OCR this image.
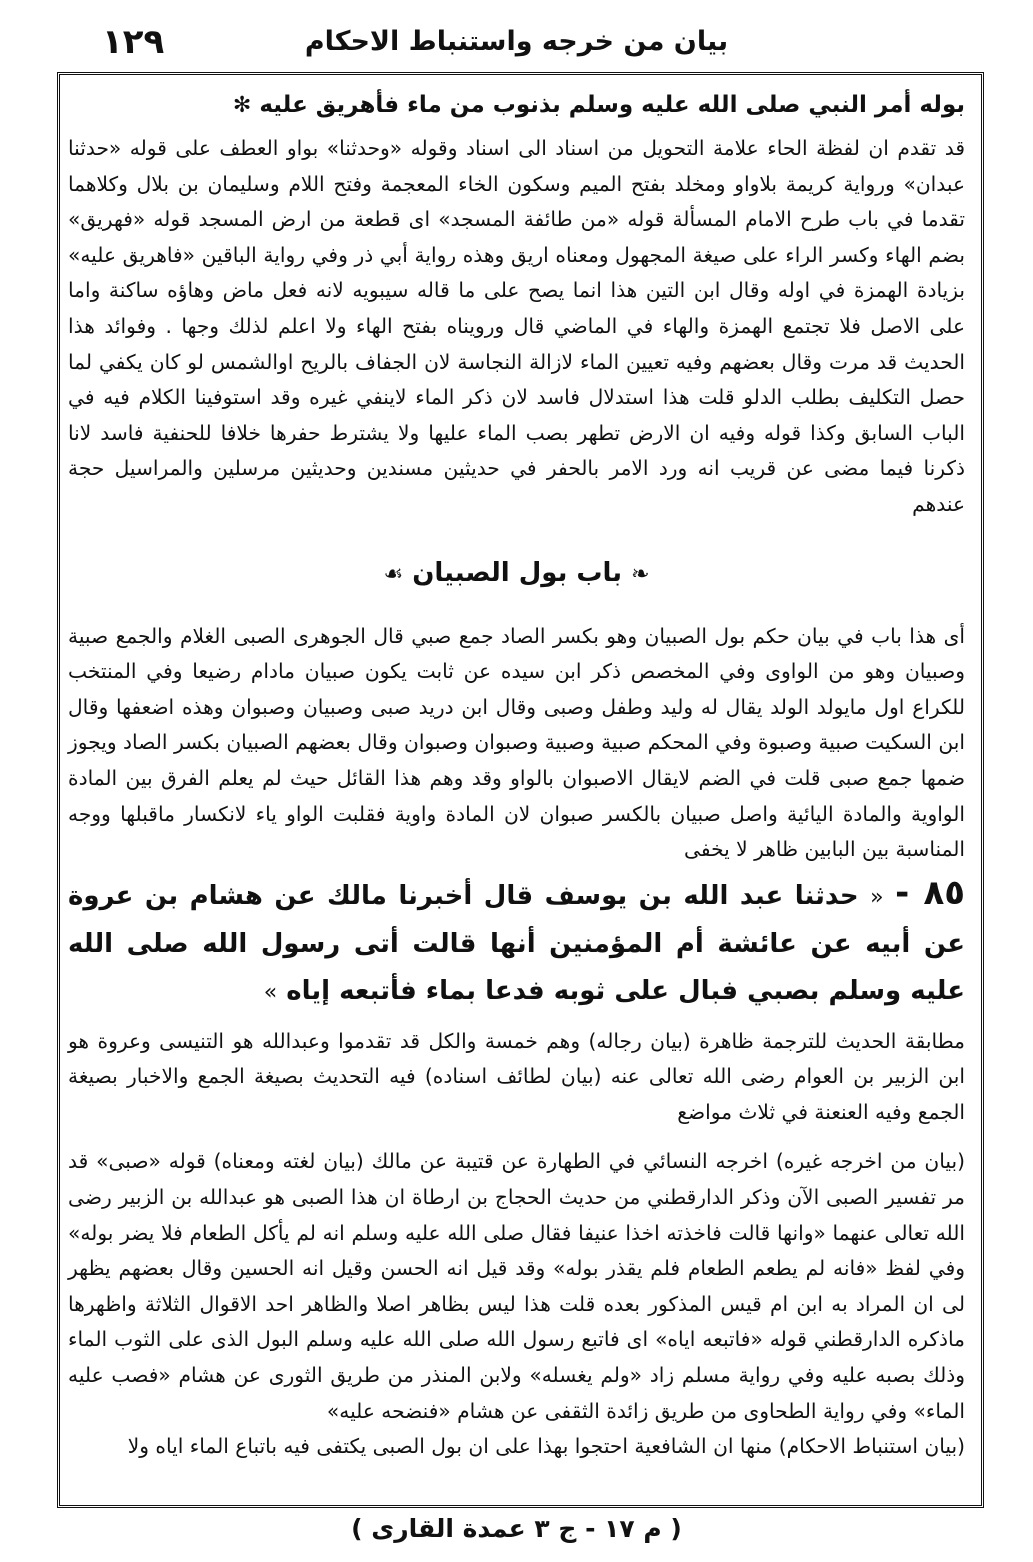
١٢٩	بيان من خرجه واستنباط الاحكام

بوله أمر النبي صلى الله عليه وسلم بذنوب من ماء فأهريق عليه ✻

قد تقدم ان لفظة الحاء علامة التحويل من اسناد الى اسناد وقوله «وحدثنا» بواو العطف على قوله «حدثنا عبدان» ورواية كريمة بلاواو ومخلد بفتح الميم وسكون الخاء المعجمة وفتح اللام وسليمان بن بلال وكلاهما تقدما في باب طرح الامام المسألة قوله «من طائفة المسجد» اى قطعة من ارض المسجد قوله «فهريق» بضم الهاء وكسر الراء على صيغة المجهول ومعناه اريق وهذه رواية أبي ذر وفي رواية الباقين «فاهريق عليه» بزيادة الهمزة في اوله وقال ابن التين هذا انما يصح على ما قاله سيبويه لانه فعل ماض وهاؤه ساكنة واما على الاصل فلا تجتمع الهمزة والهاء في الماضي قال ورويناه بفتح الهاء ولا اعلم لذلك وجها . وفوائد هذا الحديث قد مرت وقال بعضهم وفيه تعيين الماء لازالة النجاسة لان الجفاف بالريح اوالشمس لو كان يكفي لما حصل التكليف بطلب الدلو قلت هذا استدلال فاسد لان ذكر الماء لاينفي غيره وقد استوفينا الكلام فيه في الباب السابق وكذا قوله وفيه ان الارض تطهر بصب الماء عليها ولا يشترط حفرها خلافا للحنفية فاسد لانا ذكرنا فيما مضى عن قريب انه ورد الامر بالحفر في حديثين مسندين وحديثين مرسلين والمراسيل حجة عندهم

❧ باب بول الصبيان ☙

أى هذا باب في بيان حكم بول الصبيان وهو بكسر الصاد جمع صبي قال الجوهرى الصبى الغلام والجمع صبية وصبيان وهو من الواوى وفي المخصص ذكر ابن سيده عن ثابت يكون صبيان مادام رضيعا وفي المنتخب للكراع اول مايولد الولد يقال له وليد وطفل وصبى وقال ابن دريد صبى وصبيان وصبوان وهذه اضعفها وقال ابن السكيت صبية وصبوة وفي المحكم صبية وصبية وصبوان وصبوان وقال بعضهم الصبيان بكسر الصاد ويجوز ضمها جمع صبى قلت في الضم لايقال الاصبوان بالواو وقد وهم هذا القائل حيث لم يعلم الفرق بين المادة الواوية والمادة اليائية واصل صبيان بالكسر صبوان لان المادة واوية فقلبت الواو ياء لانكسار ماقبلها ووجه المناسبة بين البابين ظاهر لا يخفى

٨٥ - « حدثنا عبد الله بن يوسف قال أخبرنا مالك عن هشام بن عروة عن أبيه عن عائشة أم المؤمنين أنها قالت أتى رسول الله صلى الله عليه وسلم بصبي فبال على ثوبه فدعا بماء فأتبعه إياه »

مطابقة الحديث للترجمة ظاهرة (بيان رجاله) وهم خمسة والكل قد تقدموا وعبدالله هو التنيسى وعروة هو ابن الزبير بن العوام رضى الله تعالى عنه (بيان لطائف اسناده) فيه التحديث بصيغة الجمع والاخبار بصيغة الجمع وفيه العنعنة في ثلاث مواضع

(بيان من اخرجه غيره) اخرجه النسائي في الطهارة عن قتيبة عن مالك (بيان لغته ومعناه) قوله «صبى» قد مر تفسير الصبى الآن وذكر الدارقطني من حديث الحجاج بن ارطاة ان هذا الصبى هو عبدالله بن الزبير رضى الله تعالى عنهما «وانها قالت فاخذته اخذا عنيفا فقال صلى الله عليه وسلم انه لم يأكل الطعام فلا يضر بوله» وفي لفظ «فانه لم يطعم الطعام فلم يقذر بوله» وقد قيل انه الحسن وقيل انه الحسين وقال بعضهم يظهر لى ان المراد به ابن ام قيس المذكور بعده قلت هذا ليس بظاهر اصلا والظاهر احد الاقوال الثلاثة واظهرها ماذكره الدارقطني قوله «فاتبعه اياه» اى فاتبع رسول الله صلى الله عليه وسلم البول الذى على الثوب الماء وذلك بصبه عليه وفي رواية مسلم زاد «ولم يغسله» ولابن المنذر من طريق الثورى عن هشام «فصب عليه الماء» وفي رواية الطحاوى من طريق زائدة الثقفى عن هشام «فنضحه عليه»

(بيان استنباط الاحكام) منها ان الشافعية احتجوا بهذا على ان بول الصبى يكتفى فيه باتباع الماء اياه ولا

( م ١٧ - ج ٣ عمدة القارى )
